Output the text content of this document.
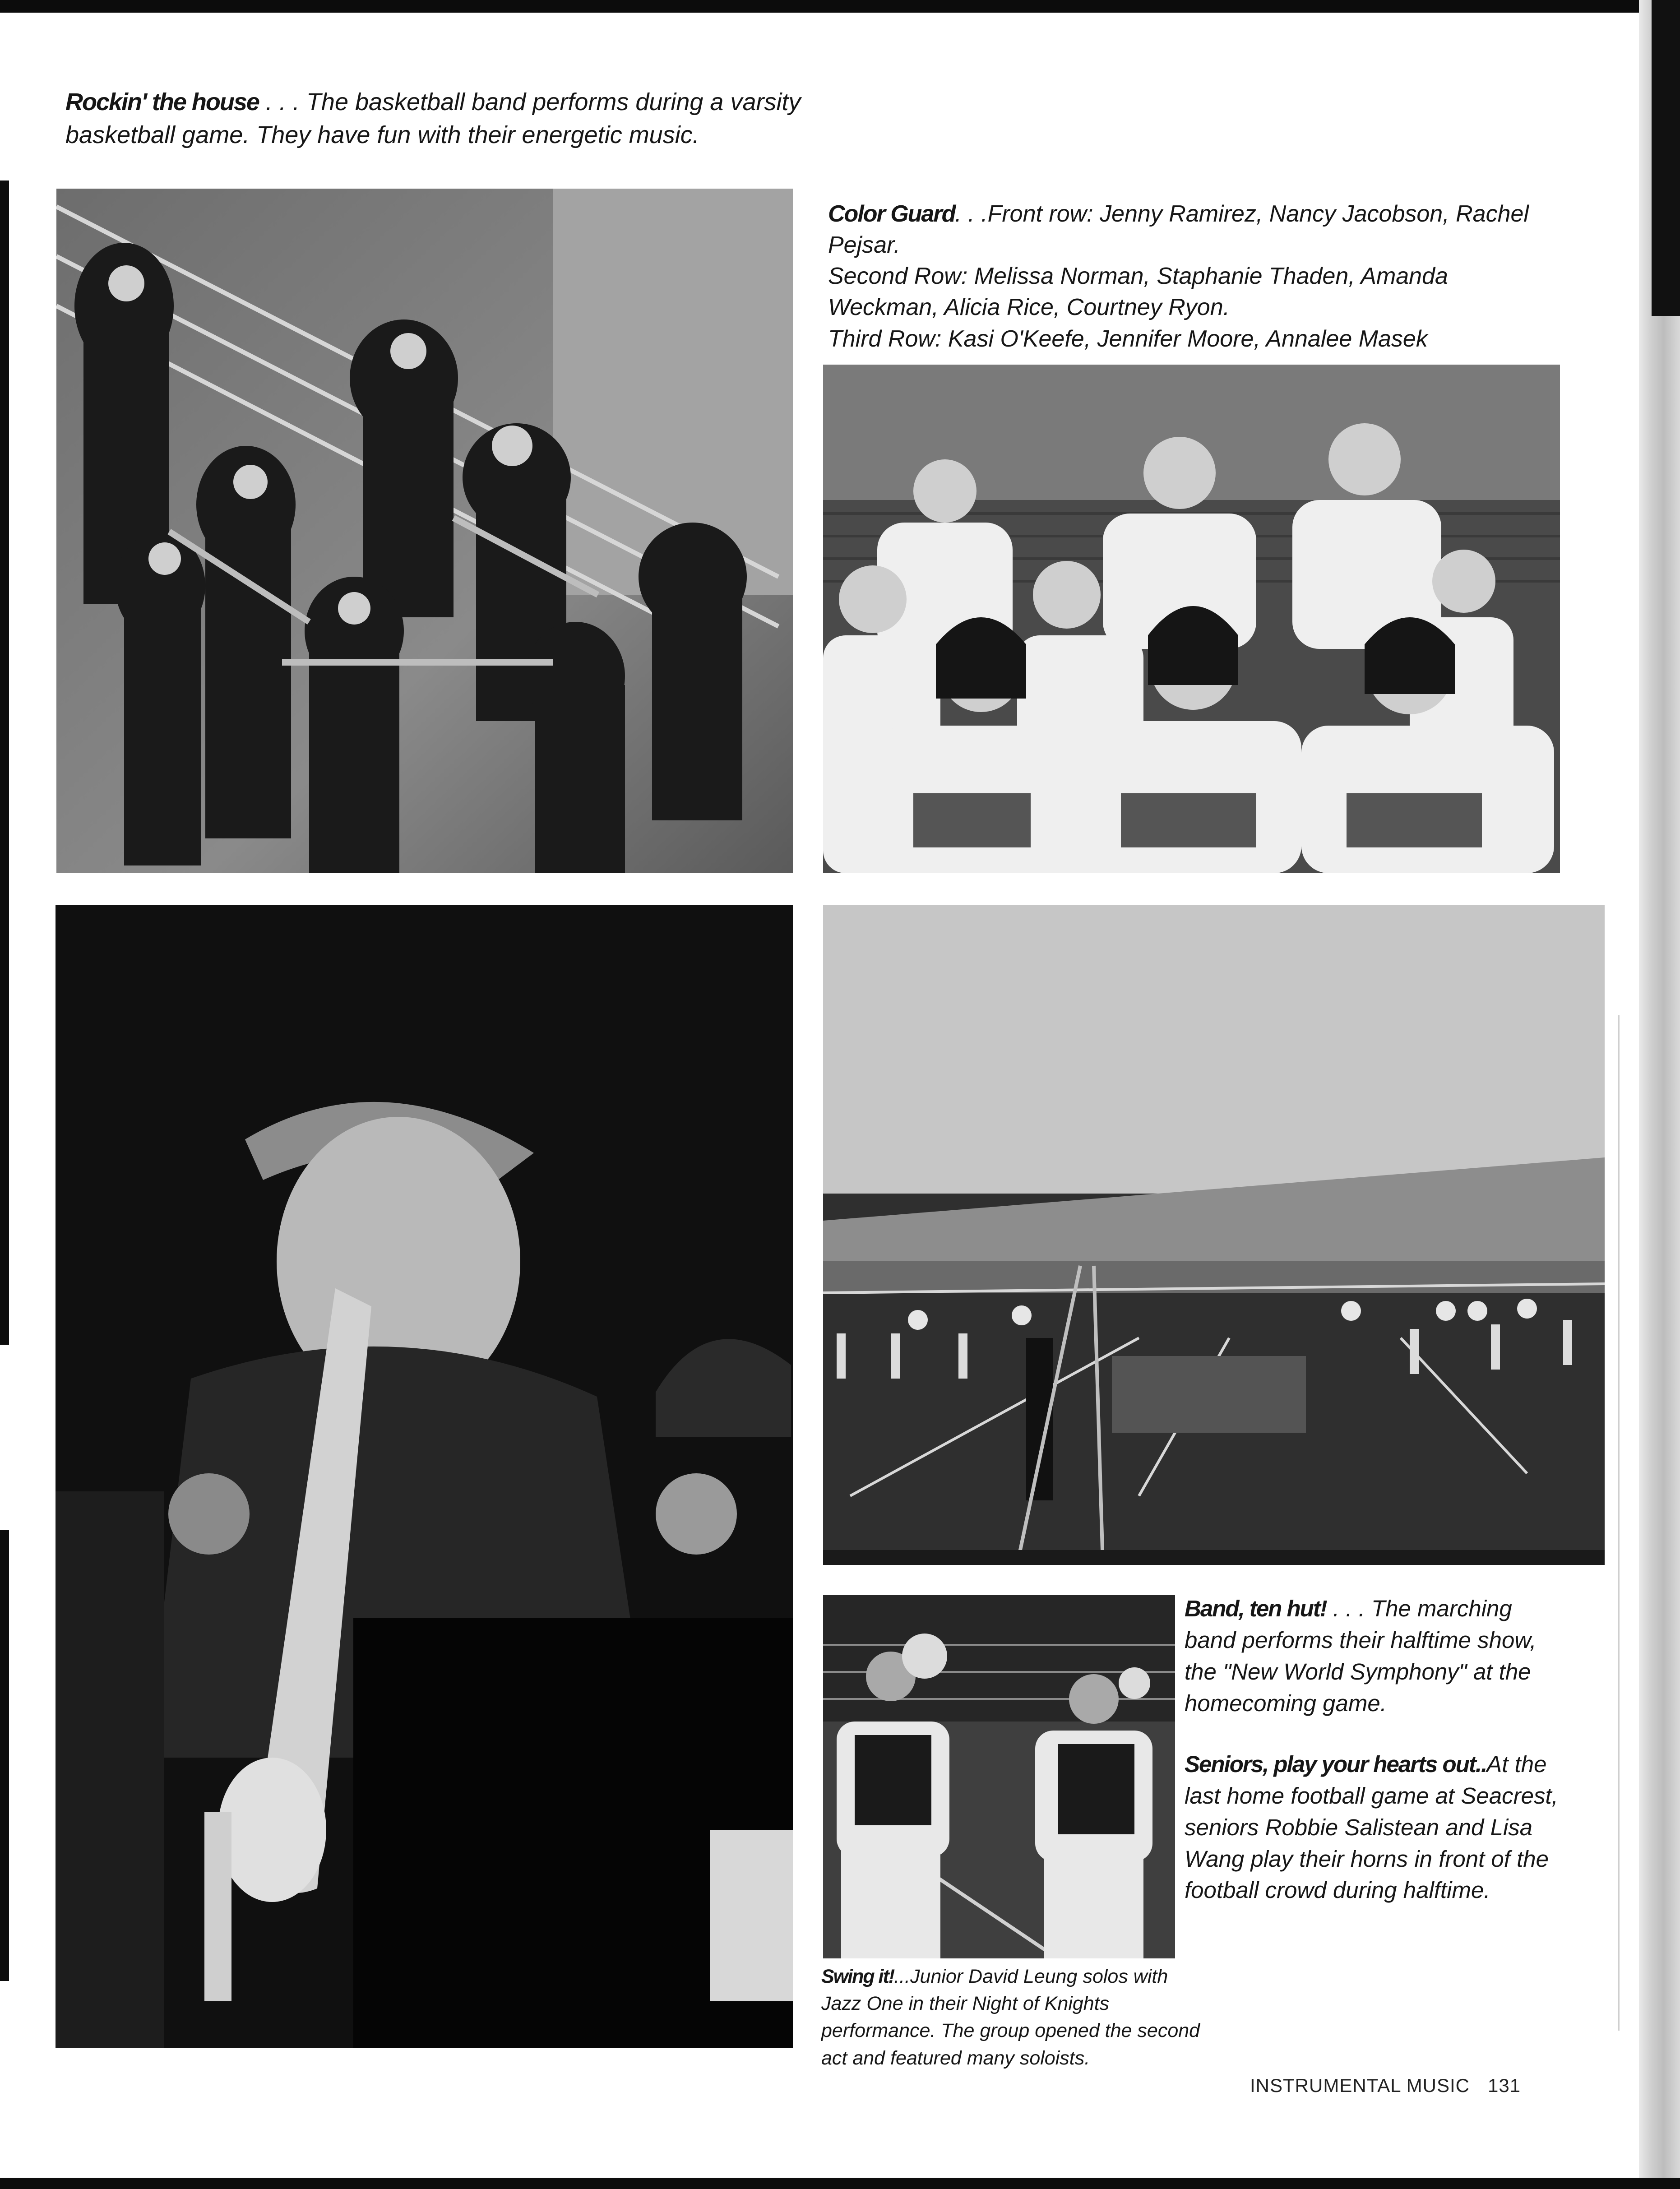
Rockin' the house . . . The basketball band performs during a varsity basketball game. They have fun with their energetic music.
Color Guard. . .Front row: Jenny Ramirez, Nancy Jacobson, Rachel Pejsar.
Second Row: Melissa Norman, Staphanie Thaden, Amanda Weckman, Alicia Rice, Courtney Ryon.
Third Row: Kasi O'Keefe, Jennifer Moore, Annalee Masek
Band, ten hut! . . . The marching band performs their halftime show, the "New World Symphony" at the homecoming game.
Seniors, play your hearts out..At the last home football game at Seacrest, seniors Robbie Salistean and Lisa Wang play their horns in front of the football crowd during halftime.
Swing it!...Junior David Leung solos with Jazz One in their Night of Knights performance. The group opened the second act and featured many soloists.
INSTRUMENTAL MUSIC 131
